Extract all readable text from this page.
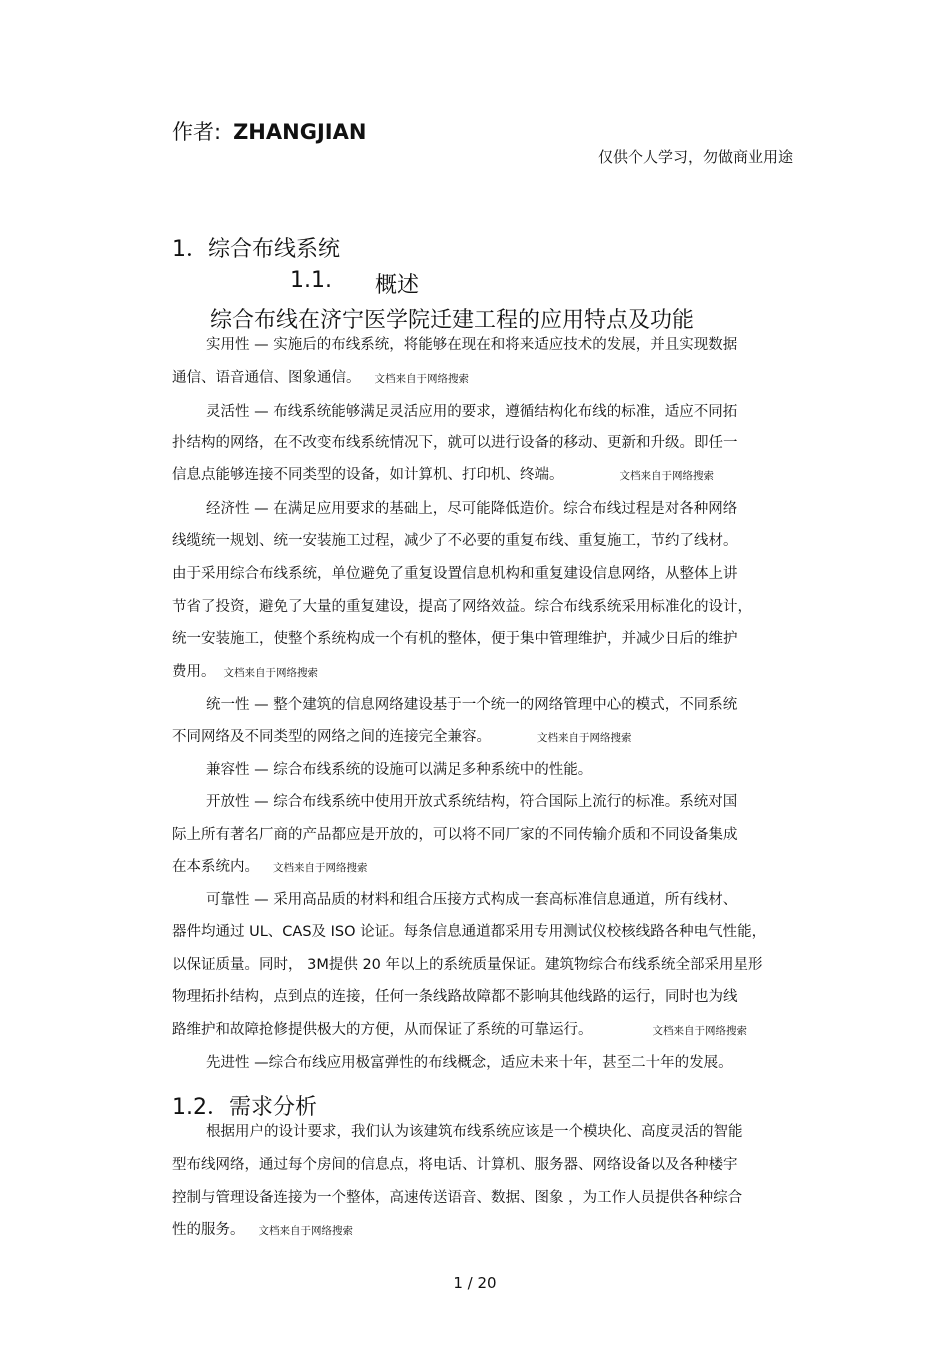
作者: ZHANGJIAN
仅供个人学习，勿做商业用途
1．综合布线系统
1.1. 概述
综合布线在济宁医学院迁建工程的应用特点及功能
实用性 — 实施后的布线系统，将能够在现在和将来适应技术的发展，并且实现数据
通信、语音通信、图象通信。 文档来自于网络搜索
灵活性 — 布线系统能够满足灵活应用的要求，遵循结构化布线的标准，适应不同拓
扑结构的网络，在不改变布线系统情况下，就可以进行设备的移动、更新和升级。即任一
信息点能够连接不同类型的设备，如计算机、打印机、终端。	文档来自于网络搜索
经济性 — 在满足应用要求的基础上，尽可能降低造价。综合布线过程是对各种网络
线缆统一规划、统一安装施工过程，减少了不必要的重复布线、重复施工，节约了线材。
由于采用综合布线系统，单位避免了重复设置信息机构和重复建设信息网络，从整体上讲
节省了投资，避免了大量的重复建设，提高了网络效益。综合布线系统采用标准化的设计，
统一安装施工，使整个系统构成一个有机的整体，便于集中管理维护，并减少日后的维护
费用。 文档来自于网络搜索
统一性 — 整个建筑的信息网络建设基于一个统一的网络管理中心的模式，不同系统
不同网络及不同类型的网络之间的连接完全兼容。	文档来自于网络搜索
兼容性 — 综合布线系统的设施可以满足多种系统中的性能。
开放性 — 综合布线系统中使用开放式系统结构，符合国际上流行的标准。系统对国
际上所有著名厂商的产品都应是开放的，可以将不同厂家的不同传输介质和不同设备集成
在本系统内。 文档来自于网络搜索
可靠性 — 采用高品质的材料和组合压接方式构成一套高标准信息通道，所有线材、
器件均通过 UL、CAS及 ISO 论证。每条信息通道都采用专用测试仪校核线路各种电气性能，
以保证质量。同时， 3M提供 20 年以上的系统质量保证。建筑物综合布线系统全部采用星形
物理拓扑结构，点到点的连接，任何一条线路故障都不影响其他线路的运行，同时也为线
路维护和故障抢修提供极大的方便，从而保证了系统的可靠运行。	文档来自于网络搜索
先进性 —综合布线应用极富弹性的布线概念，适应未来十年，甚至二十年的发展。
1.2．需求分析
根据用户的设计要求，我们认为该建筑布线系统应该是一个模块化、高度灵活的智能
型布线网络，通过每个房间的信息点，将电话、计算机、服务器、网络设备以及各种楼宇
控制与管理设备连接为一个整体，高速传送语音、数据、图象 ，为工作人员提供各种综合
性的服务。 文档来自于网络搜索
1 / 20
